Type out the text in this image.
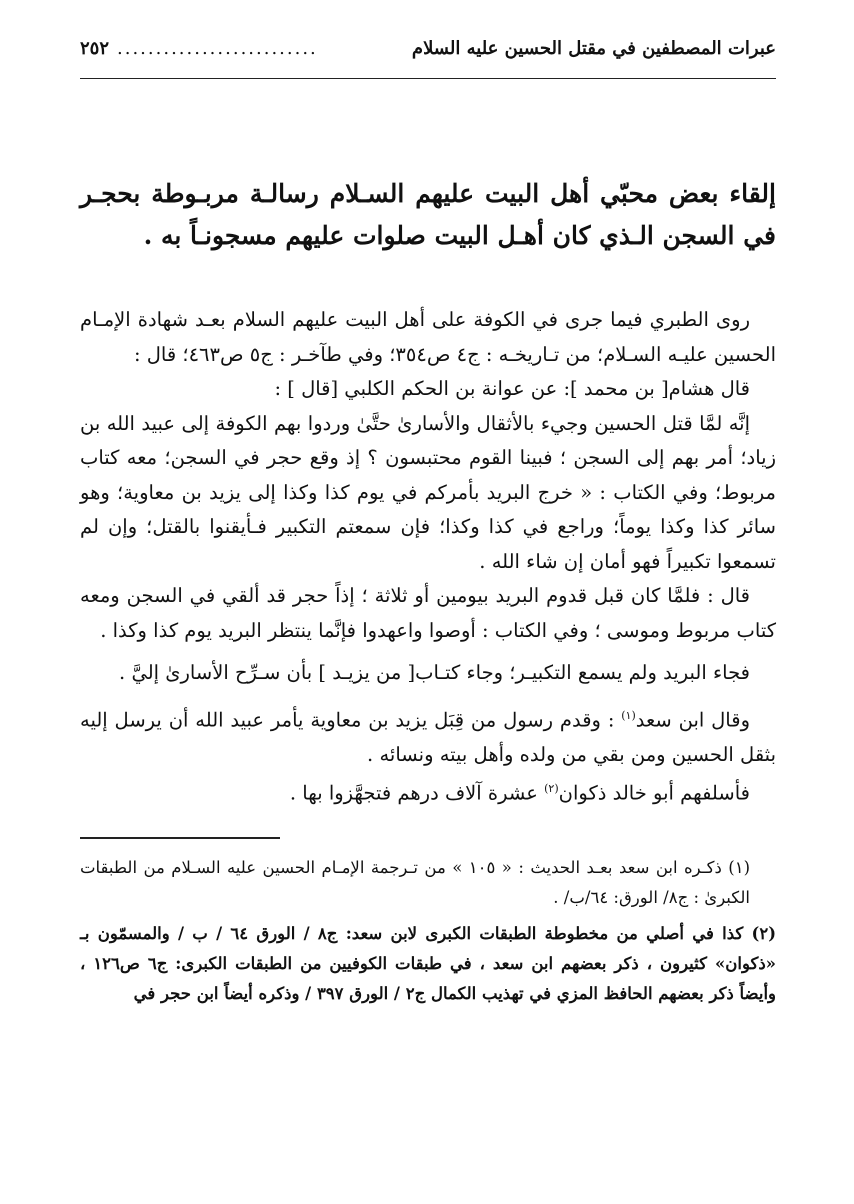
عبرات المصطفين في مقتل الحسين عليه السلام
..........................
٢٥٢
إلقاء بعض محبّي أهل البيت عليهم السـلام رسالـة مربـوطة بحجـر في السجن الـذي كان أهـل البيت صلوات عليهم مسجونـاً به .

روى الطبري فيما جرى في الكوفة على أهل البيت عليهم السلام بعـد شهادة الإمـام الحسين عليـه السـلام؛ من تـاريخـه : ج٤ ص٣٥٤؛ وفي طآخـر : ج٥ ص٤٦٣؛ قال :

قال هشام[ بن محمد ]: عن عوانة بن الحكم الكلبي [قال ] :

إنَّه لمَّا قتل الحسين وجيء بالأثقال والأسارىٰ حتَّىٰ وردوا بهم الكوفة إلى عبيد الله بن زياد؛ أمر بهم إلى السجن ؛ فبينا القوم محتبسون ؟ إذ وقع حجر في السجن؛ معه كتاب مربوط؛ وفي الكتاب : « خرج البريد بأمركم في يوم كذا وكذا إلى يزيد بن معاوية؛ وهو سائر كذا وكذا يوماً؛ وراجع في كذا وكذا؛ فإن سمعتم التكبير فـأيقنوا بالقتل؛ وإن لم تسمعوا تكبيراً فهو أمان إن شاء الله .

قال : فلمَّا كان قبل قدوم البريد بيومين أو ثلاثة ؛ إذاً حجر قد ألقي في السجن ومعه كتاب مربوط وموسى ؛ وفي الكتاب : أوصوا واعهدوا فإنَّما ينتظر البريد يوم كذا وكذا .

فجاء البريد ولم يسمع التكبيـر؛ وجاء كتـاب[ من يزيـد ] بأن سـرِّح الأسارىٰ إليَّ .

وقال ابن سعد$^{(١)}$ : وقدم رسول من قِبَل يزيد بن معاوية يأمر عبيد الله أن يرسل إليه بثقل الحسين ومن بقي من ولده وأهل بيته ونسائه .

فأسلفهم أبو خالد ذكوان$^{(٢)}$ عشرة آلاف درهم فتجهَّزوا بها .

(١) ذكـره ابن سعد بعـد الحديث : « ١٠٥ » من تـرجمة الإمـام الحسين عليه السـلام من الطبقات الكبرىٰ : ج٨/ الورق: ٦٤/ب/ .

(٢) كذا في أصلي من مخطوطة الطبقات الكبرى لابن سعد: ج٨ / الورق ٦٤ / ب / والمسمّون بـ «ذكوان» كثيرون ، ذكر بعضهم ابن سعد ، في طبقات الكوفيين من الطبقات الكبرى: ج٦ ص١٢٦ ، وأيضاً ذكر بعضهم الحافظ المزي في تهذيب الكمال ج٢ / الورق ٣٩٧ / وذكره أيضاً ابن حجر في
